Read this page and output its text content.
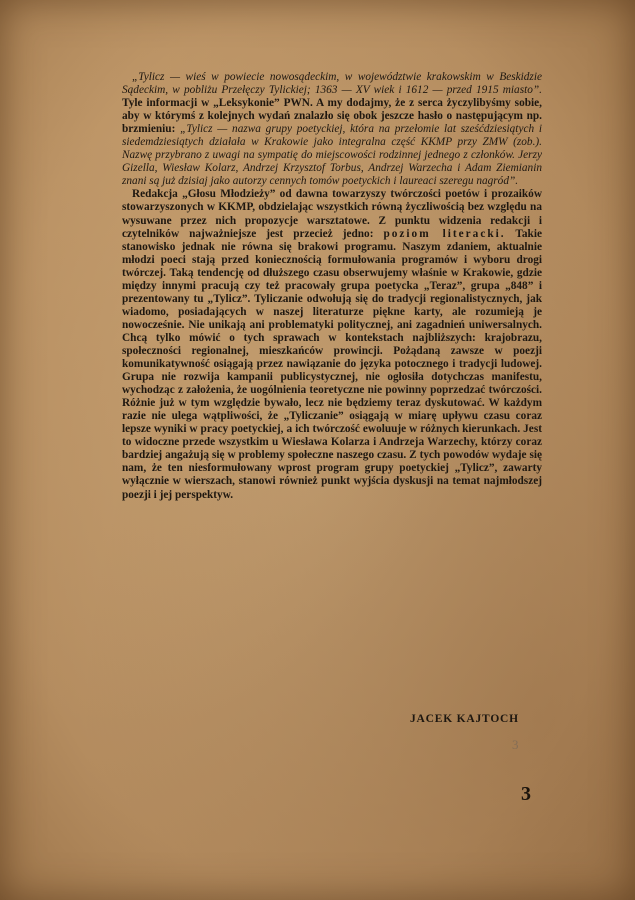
„Tylicz — wieś w powiecie nowosądeckim, w województwie krakowskim w Beskidzie Sądeckim, w pobliżu Przełęczy Tylickiej; 1363 — XV wiek i 1612 — przed 1915 miasto”. Tyle informacji w „Leksykonie” PWN. A my dodajmy, że z serca życzylibyśmy sobie, aby w którymś z kolejnych wydań znalazło się obok jeszcze hasło o następującym np. brzmieniu: „Tylicz — nazwa grupy poetyckiej, która na przełomie lat sześćdziesiątych i siedemdziesiątych działała w Krakowie jako integralna część KKMP przy ZMW (zob.). Nazwę przybrano z uwagi na sympatię do miejscowości rodzinnej jednego z członków. Jerzy Gizella, Wiesław Kolarz, Andrzej Krzysztof Torbus, Andrzej Warzecha i Adam Ziemianin znani są już dzisiaj jako autorzy cennych tomów poetyckich i laureaci szeregu nagród”.

Redakcja „Głosu Młodzieży” od dawna towarzyszy twórczości poetów i prozaików stowarzyszonych w KKMP, obdzielając wszystkich równą życzliwością bez względu na wysuwane przez nich propozycje warsztatowe. Z punktu widzenia redakcji i czytelników najważniejsze jest przecież jedno: poziom literacki. Takie stanowisko jednak nie równa się brakowi programu. Naszym zdaniem, aktualnie młodzi poeci stają przed koniecznością formułowania programów i wyboru drogi twórczej. Taką tendencję od dłuższego czasu obserwujemy właśnie w Krakowie, gdzie między innymi pracują czy też pracowały grupa poetycka „Teraz”, grupa „848” i prezentowany tu „Tylicz”. Tyliczanie odwołują się do tradycji regionalistycznych, jak wiadomo, posiadających w naszej literaturze piękne karty, ale rozumieją je nowocześnie. Nie unikają ani problematyki politycznej, ani zagadnień uniwersalnych. Chcą tylko mówić o tych sprawach w kontekstach najbliższych: krajobrazu, społeczności regionalnej, mieszkańców prowincji. Pożądaną zawsze w poezji komunikatywność osiągają przez nawiązanie do języka potocznego i tradycji ludowej. Grupa nie rozwija kampanii publicystycznej, nie ogłosiła dotychczas manifestu, wychodząc z założenia, że uogólnienia teoretyczne nie powinny poprzedzać twórczości. Różnie już w tym względzie bywało, lecz nie będziemy teraz dyskutować. W każdym razie nie ulega wątpliwości, że „Tyliczanie” osiągają w miarę upływu czasu coraz lepsze wyniki w pracy poetyckiej, a ich twórczość ewoluuje w różnych kierunkach. Jest to widoczne przede wszystkim u Wiesława Kolarza i Andrzeja Warzechy, którzy coraz bardziej angażują się w problemy społeczne naszego czasu. Z tych powodów wydaje się nam, że ten niesformułowany wprost program grupy poetyckiej „Tylicz”, zawarty wyłącznie w wierszach, stanowi również punkt wyjścia dyskusji na temat najmłodszej poezji i jej perspektyw.

JACEK KAJTOCH
3
3
